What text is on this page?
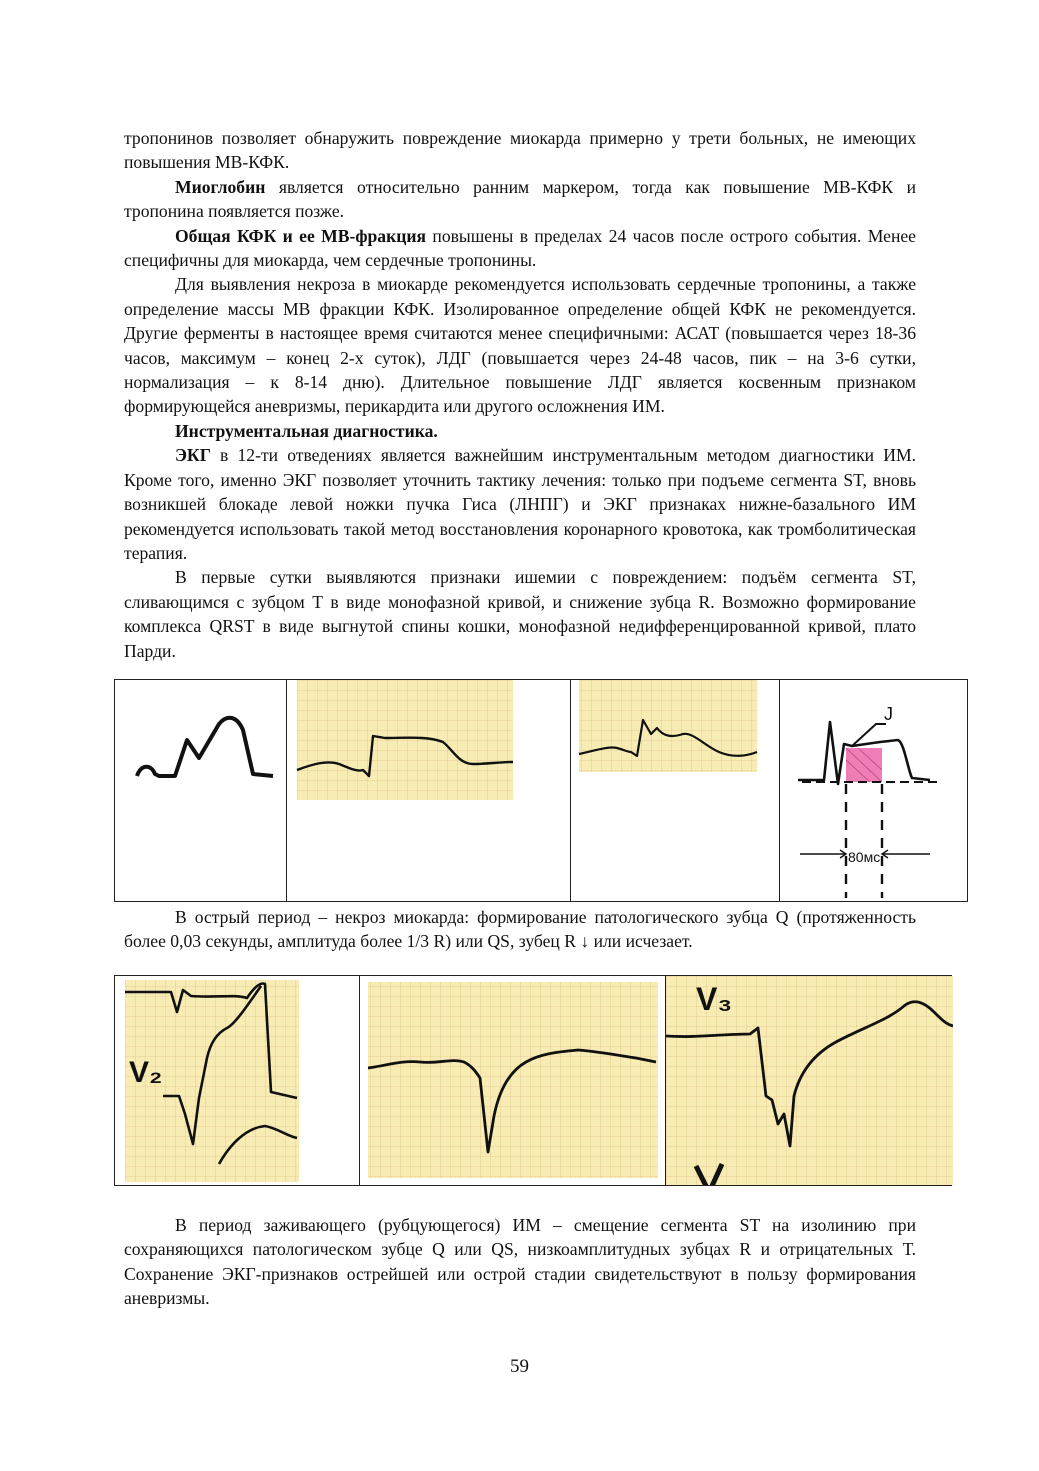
тропонинов позволяет обнаружить повреждение миокарда примерно у трети больных, не имеющих повышения МВ-КФК.

Миоглобин является относительно ранним маркером, тогда как повышение МВ-КФК и тропонина появляется позже.

Общая КФК и ее МВ-фракция повышены в пределах 24 часов после острого события. Менее специфичны для миокарда, чем сердечные тропонины.

Для выявления некроза в миокарде рекомендуется использовать сердечные тропонины, а также определение массы МВ фракции КФК. Изолированное определение общей КФК не рекомендуется. Другие ферменты в настоящее время считаются менее специфичными: АСАТ (повышается через 18-36 часов, максимум – конец 2-х суток), ЛДГ (повышается через 24-48 часов, пик – на 3-6 сутки, нормализация – к 8-14 дню). Длительное повышение ЛДГ является косвенным признаком формирующейся аневризмы, перикардита или другого осложнения ИМ.

Инструментальная диагностика.

ЭКГ в 12-ти отведениях является важнейшим инструментальным методом диагностики ИМ. Кроме того, именно ЭКГ позволяет уточнить тактику лечения: только при подъеме сегмента ST, вновь возникшей блокаде левой ножки пучка Гиса (ЛНПГ) и ЭКГ признаках нижне-базального ИМ рекомендуется использовать такой метод восстановления коронарного кровотока, как тромболитическая терапия.

В первые сутки выявляются признаки ишемии с повреждением: подъём сегмента ST, сливающимся с зубцом Т в виде монофазной кривой, и снижение зубца R. Возможно формирование комплекса QRST в виде выгнутой спины кошки, монофазной недифференцированной кривой, плато Парди.

J
80мс

В острый период – некроз миокарда: формирование патологического зубца Q (протяженность более 0,03 секунды, амплитуда более 1/3 R) или QS, зубец R ↓ или исчезает.

V₂
V₃

В период заживающего (рубцующегося) ИМ – смещение сегмента ST на изолинию при сохраняющихся патологическом зубце Q или QS, низкоамплитудных зубцах R и отрицательных Т. Сохранение ЭКГ-признаков острейшей или острой стадии свидетельствуют в пользу формирования аневризмы.

59
